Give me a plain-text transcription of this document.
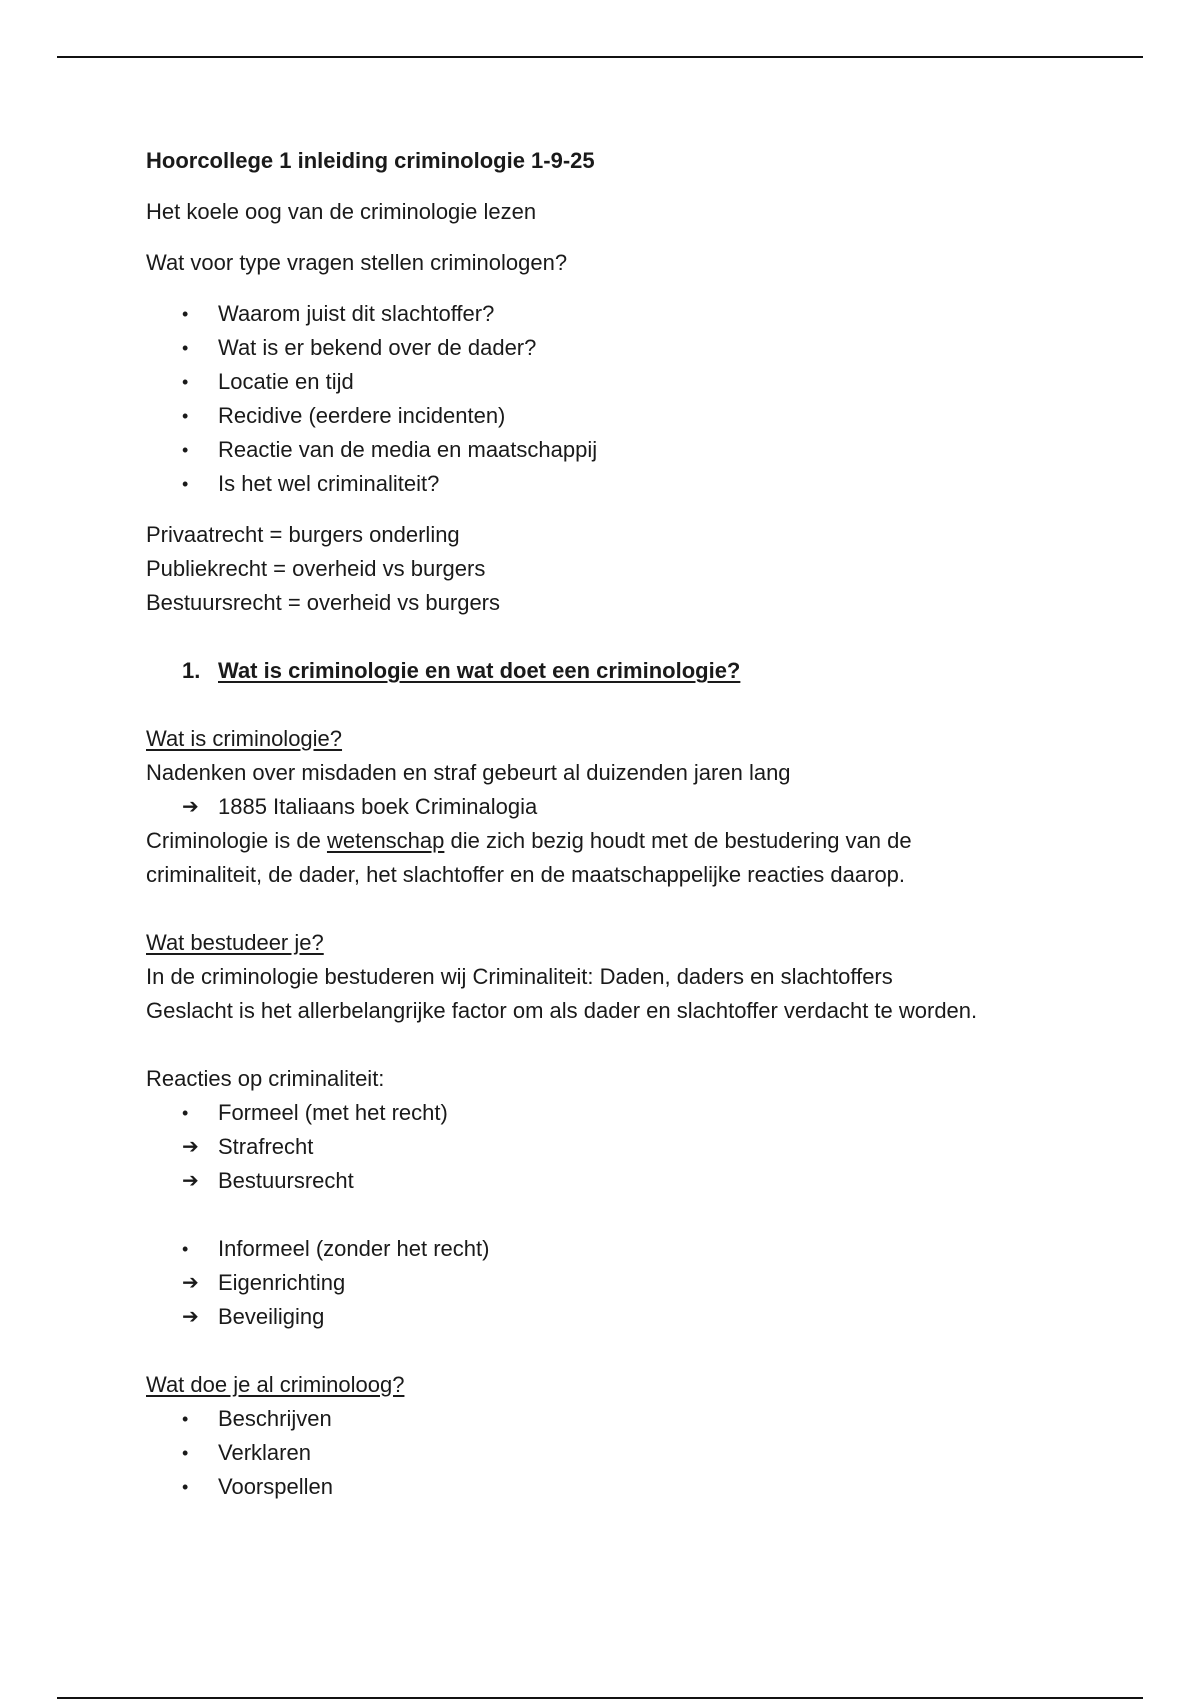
Hoorcollege 1 inleiding criminologie 1-9-25
Het koele oog van de criminologie lezen
Wat voor type vragen stellen criminologen?
•	Waarom juist dit slachtoffer?
•	Wat is er bekend over de dader?
•	Locatie en tijd
•	Recidive (eerdere incidenten)
•	Reactie van de media en maatschappij
•	Is het wel criminaliteit?
Privaatrecht = burgers onderling
Publiekrecht = overheid vs burgers
Bestuursrecht = overheid vs burgers
1. Wat is criminologie en wat doet een criminologie?
Wat is criminologie?
Nadenken over misdaden en straf gebeurt al duizenden jaren lang
➔ 1885 Italiaans boek Criminalogia
Criminologie is de wetenschap die zich bezig houdt met de bestudering van de
criminaliteit, de dader, het slachtoffer en de maatschappelijke reacties daarop.
Wat bestudeer je?
In de criminologie bestuderen wij Criminaliteit: Daden, daders en slachtoffers
Geslacht is het allerbelangrijke factor om als dader en slachtoffer verdacht te worden.
Reacties op criminaliteit:
•	Formeel (met het recht)
➔ Strafrecht
➔ Bestuursrecht
•	Informeel (zonder het recht)
➔ Eigenrichting
➔ Beveiliging
Wat doe je al criminoloog?
•	Beschrijven
•	Verklaren
•	Voorspellen
